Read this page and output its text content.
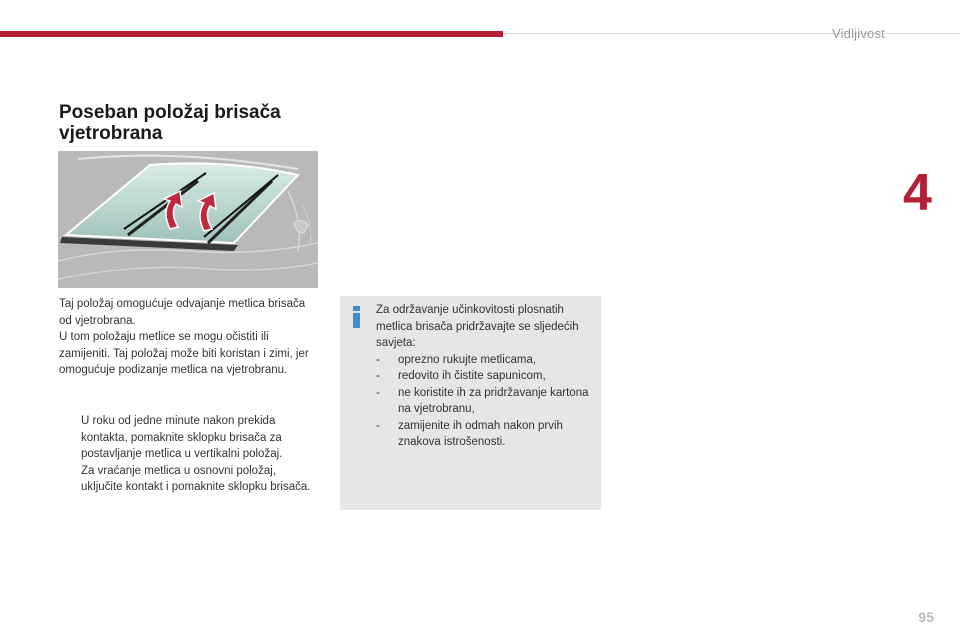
Vidljivost
4
Poseban položaj brisača vjetrobrana
Taj položaj omogućuje odvajanje metlica brisača od vjetrobrana.
U tom položaju metlice se mogu očistiti ili zamijeniti. Taj položaj može biti koristan i zimi, jer omogućuje podizanje metlica na vjetrobranu.
U roku od jedne minute nakon prekida kontakta, pomaknite sklopku brisača za postavljanje metlica u vertikalni položaj.
Za vraćanje metlica u osnovni položaj, uključite kontakt i pomaknite sklopku brisača.

Za održavanje učinkovitosti plosnatih metlica brisača pridržavajte se sljedećih savjeta:

- oprezno rukujte metlicama,
- redovito ih čistite sapunicom,
- ne koristite ih za pridržavanje kartona na vjetrobranu,
- zamijenite ih odmah nakon prvih znakova istrošenosti.
95
